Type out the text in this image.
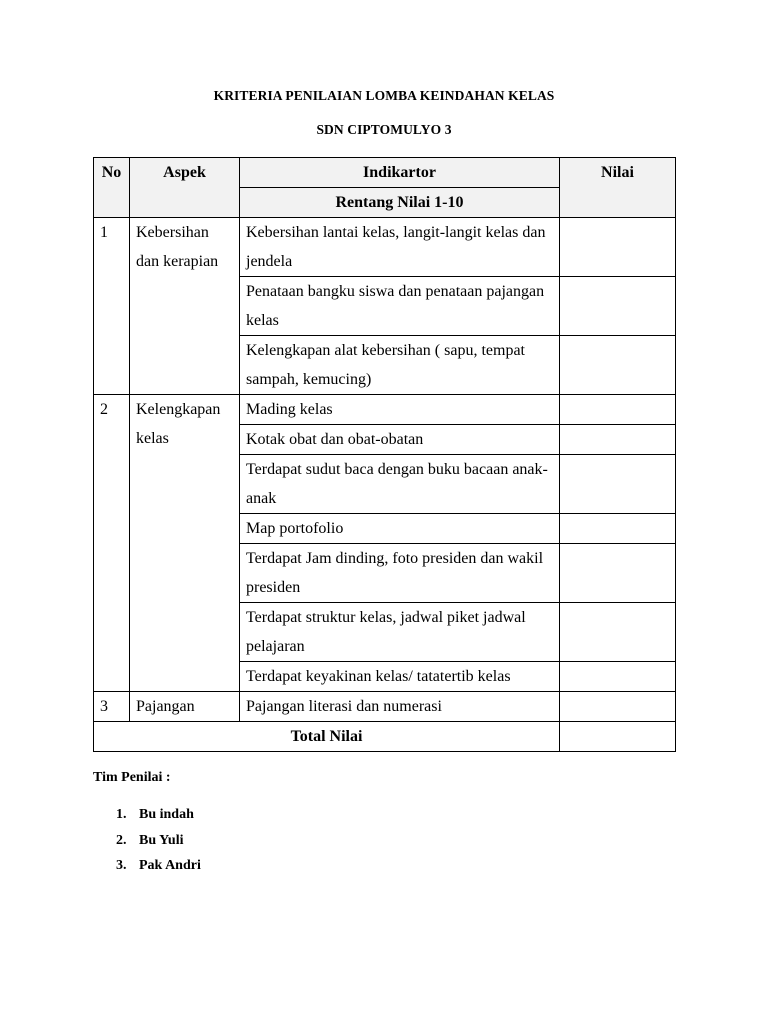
KRITERIA PENILAIAN LOMBA KEINDAHAN KELAS
SDN CIPTOMULYO 3
No	Aspek	Indikartor	Nilai
		Rentang Nilai 1-10	
1	Kebersihan dan kerapian	Kebersihan lantai kelas, langit-langit kelas dan jendela	
		Penataan bangku siswa dan penataan pajangan kelas	
		Kelengkapan alat kebersihan ( sapu, tempat sampah, kemucing)	
2	Kelengkapan kelas	Mading kelas	
		Kotak obat dan obat-obatan	
		Terdapat sudut baca dengan buku bacaan anak-anak	
		Map portofolio	
		Terdapat Jam dinding, foto presiden dan wakil presiden	
		Terdapat struktur kelas, jadwal piket jadwal pelajaran	
		Terdapat keyakinan kelas/ tatatertib kelas	
3	Pajangan	Pajangan literasi dan numerasi	
Total Nilai			
Tim Penilai :
1. Bu indah
2. Bu Yuli
3. Pak Andri
